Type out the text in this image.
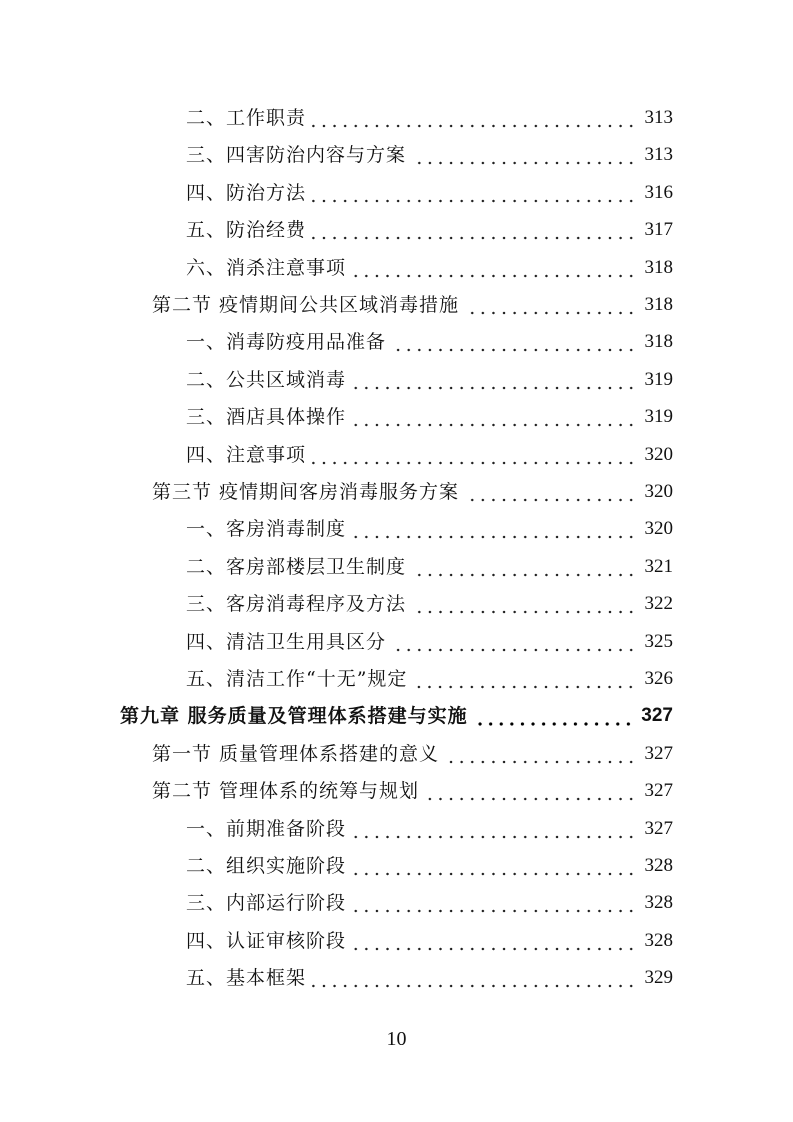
二、工作职责	313
三、四害防治内容与方案	313
四、防治方法	316
五、防治经费	317
六、消杀注意事项	318
第二节 疫情期间公共区域消毒措施	318
一、消毒防疫用品准备	318
二、公共区域消毒	319
三、酒店具体操作	319
四、注意事项	320
第三节 疫情期间客房消毒服务方案	320
一、客房消毒制度	320
二、客房部楼层卫生制度	321
三、客房消毒程序及方法	322
四、清洁卫生用具区分	325
五、清洁工作“十无”规定	326
第九章 服务质量及管理体系搭建与实施	327
第一节 质量管理体系搭建的意义	327
第二节 管理体系的统筹与规划	327
一、前期准备阶段	327
二、组织实施阶段	328
三、内部运行阶段	328
四、认证审核阶段	328
五、基本框架	329
10
